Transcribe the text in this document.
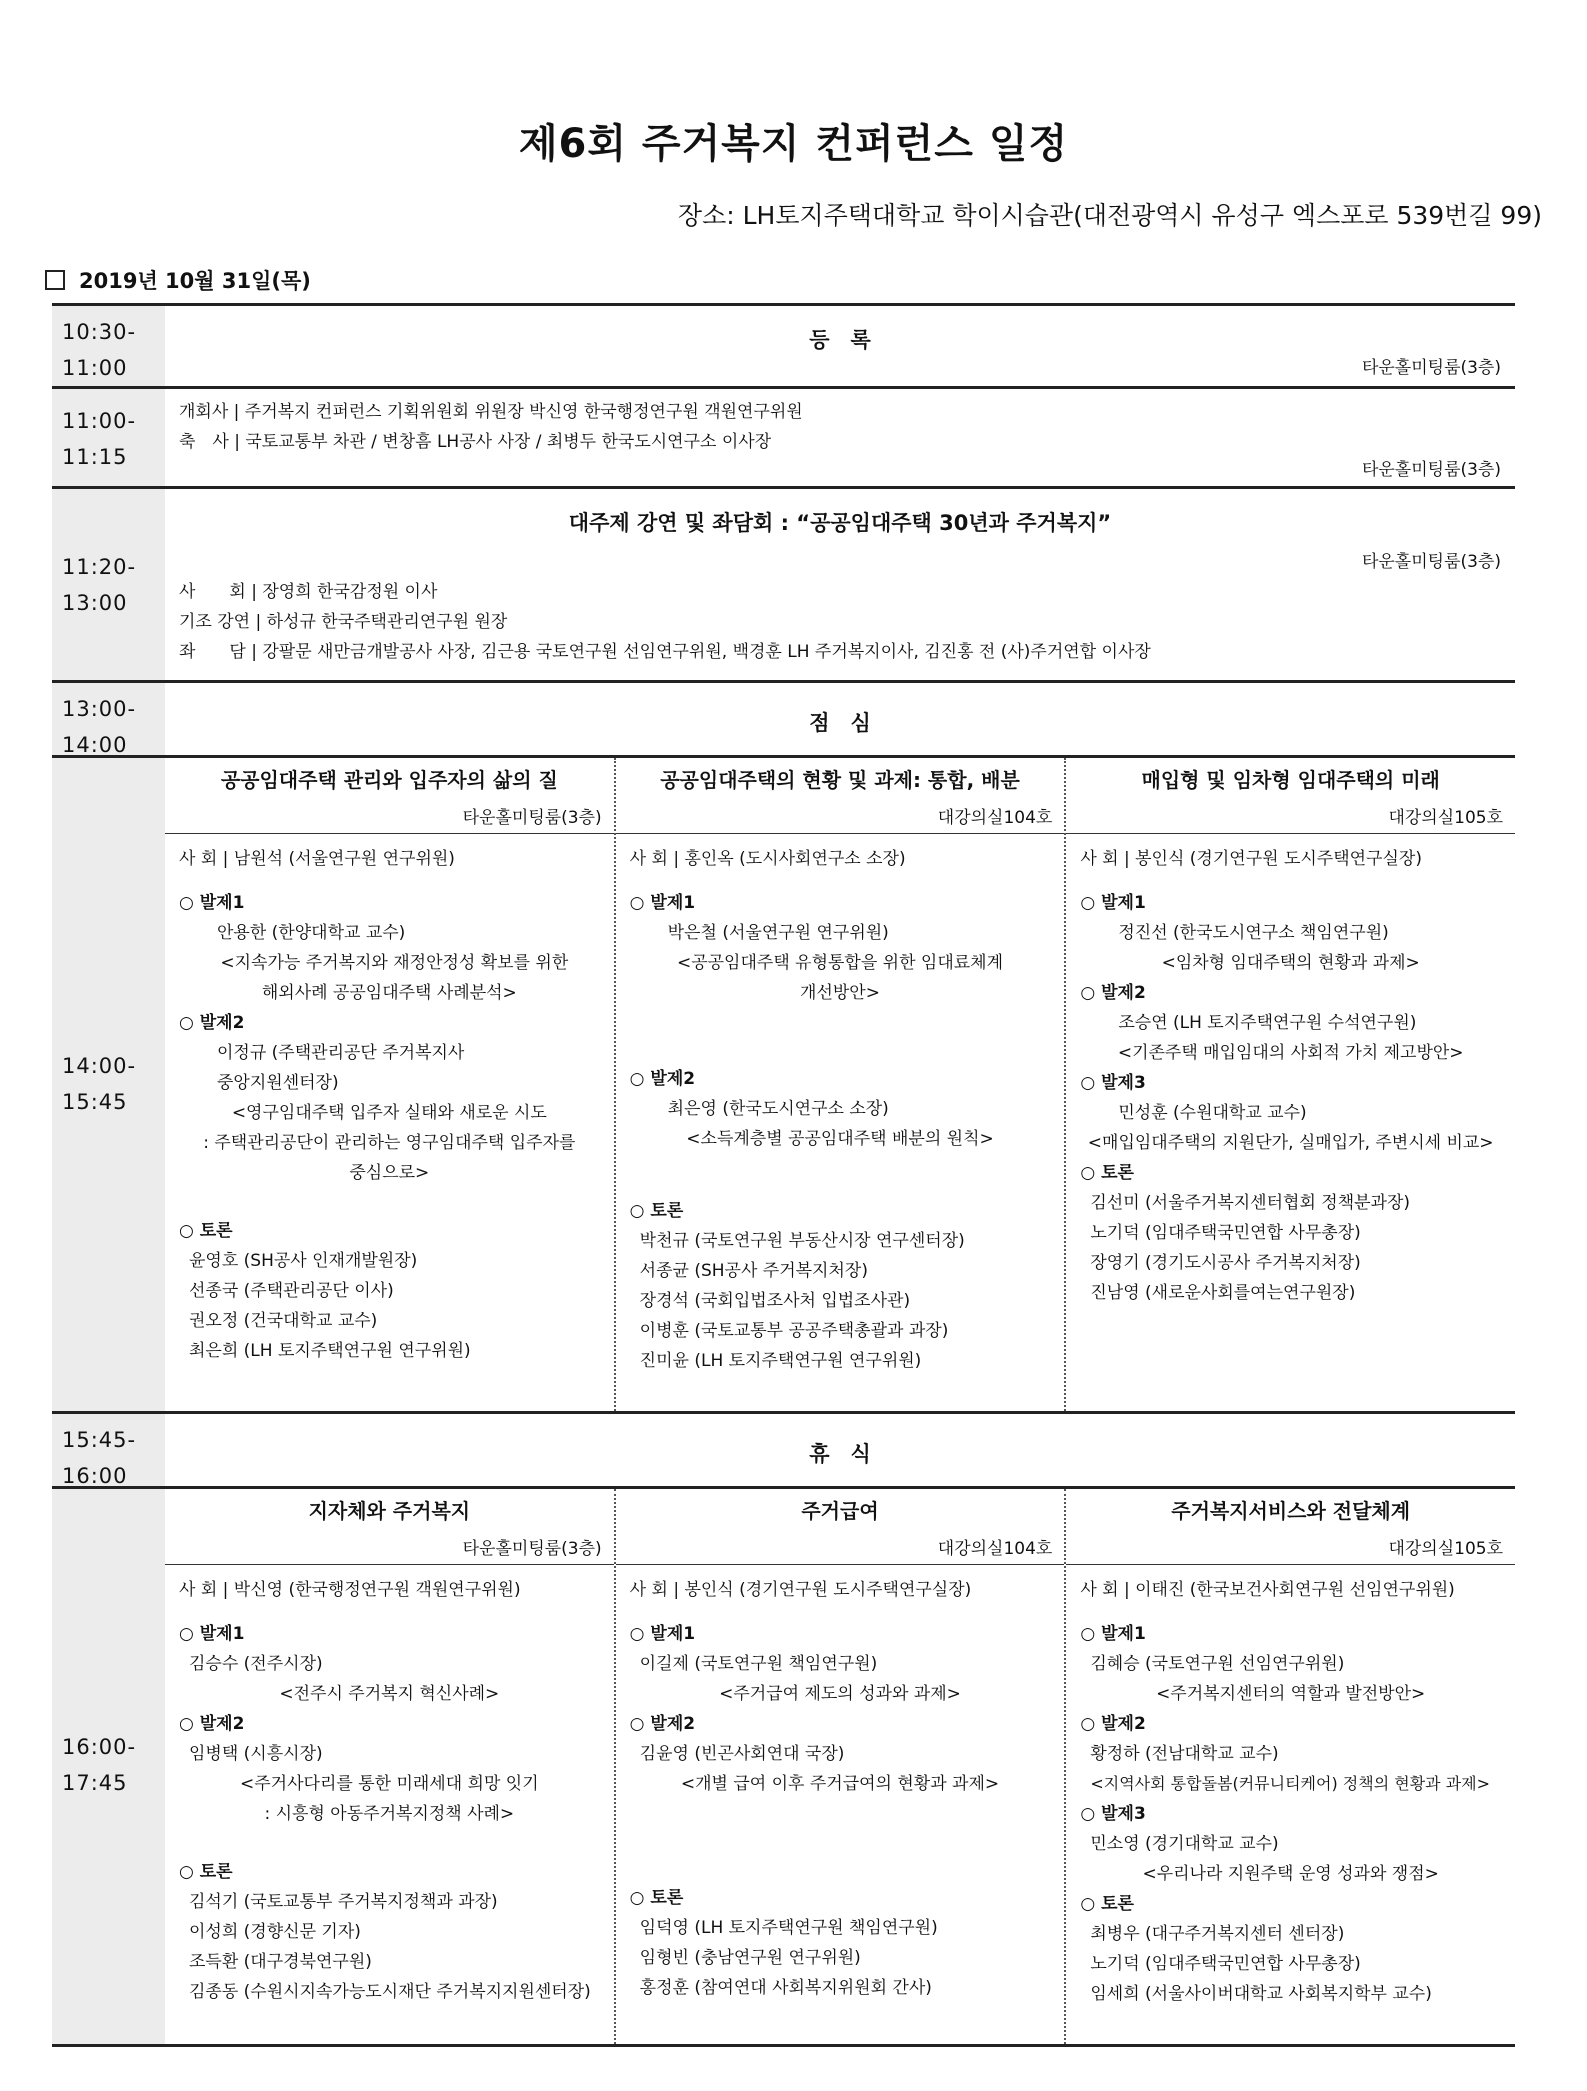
제6회 주거복지 컨퍼런스 일정
장소: LH토지주택대학교 학이시습관(대전광역시 유성구 엑스포로 539번길 99)
2019년 10월 31일(목)
10:30-
11:00
등　록
타운홀미팅룸(3층)
11:00-
11:15
개회사 | 주거복지 컨퍼런스 기획위원회 위원장 박신영 한국행정연구원 객원연구위원
축　사 | 국토교통부 차관 / 변창흠 LH공사 사장 / 최병두 한국도시연구소 이사장
타운홀미팅룸(3층)
11:20-
13:00
대주제 강연 및 좌담회 : “공공임대주택 30년과 주거복지”
타운홀미팅룸(3층)
사　　회 | 장영희 한국감정원 이사
기조 강연 | 하성규 한국주택관리연구원 원장
좌　　담 | 강팔문 새만금개발공사 사장, 김근용 국토연구원 선임연구위원, 백경훈 LH 주거복지이사, 김진홍 전 (사)주거연합 이사장
13:00-
14:00
점　심
14:00-
15:45
공공임대주택 관리와 입주자의 삶의 질
타운홀미팅룸(3층)
사 회 | 남원석 (서울연구원 연구위원)
○ 발제1
안용한 (한양대학교 교수)
<지속가능 주거복지와 재정안정성 확보를 위한
해외사례 공공임대주택 사례분석>
○ 발제2
이정규 (주택관리공단 주거복지사
중앙지원센터장)
<영구임대주택 입주자 실태와 새로운 시도
: 주택관리공단이 관리하는 영구임대주택 입주자를
중심으로>
○ 토론
윤영호 (SH공사 인재개발원장)
선종국 (주택관리공단 이사)
권오정 (건국대학교 교수)
최은희 (LH 토지주택연구원 연구위원)
공공임대주택의 현황 및 과제: 통합, 배분
대강의실104호
사 회 | 홍인옥 (도시사회연구소 소장)
○ 발제1
박은철 (서울연구원 연구위원)
<공공임대주택 유형통합을 위한 임대료체계
개선방안>
○ 발제2
최은영 (한국도시연구소 소장)
<소득계층별 공공임대주택 배분의 원칙>
○ 토론
박천규 (국토연구원 부동산시장 연구센터장)
서종균 (SH공사 주거복지처장)
장경석 (국회입법조사처 입법조사관)
이병훈 (국토교통부 공공주택총괄과 과장)
진미윤 (LH 토지주택연구원 연구위원)
매입형 및 임차형 임대주택의 미래
대강의실105호
사 회 | 봉인식 (경기연구원 도시주택연구실장)
○ 발제1
정진선 (한국도시연구소 책임연구원)
<임차형 임대주택의 현황과 과제>
○ 발제2
조승연 (LH 토지주택연구원 수석연구원)
<기존주택 매입임대의 사회적 가치 제고방안>
○ 발제3
민성훈 (수원대학교 교수)
<매입임대주택의 지원단가, 실매입가, 주변시세 비교>
○ 토론
김선미 (서울주거복지센터협회 정책분과장)
노기덕 (임대주택국민연합 사무총장)
장영기 (경기도시공사 주거복지처장)
진남영 (새로운사회를여는연구원장)
15:45-
16:00
휴　식
16:00-
17:45
지자체와 주거복지
타운홀미팅룸(3층)
사 회 | 박신영 (한국행정연구원 객원연구위원)
○ 발제1
김승수 (전주시장)
<전주시 주거복지 혁신사례>
○ 발제2
임병택 (시흥시장)
<주거사다리를 통한 미래세대 희망 잇기
: 시흥형 아동주거복지정책 사례>
○ 토론
김석기 (국토교통부 주거복지정책과 과장)
이성희 (경향신문 기자)
조득환 (대구경북연구원)
김종동 (수원시지속가능도시재단 주거복지지원센터장)
주거급여
대강의실104호
사 회 | 봉인식 (경기연구원 도시주택연구실장)
○ 발제1
이길제 (국토연구원 책임연구원)
<주거급여 제도의 성과와 과제>
○ 발제2
김윤영 (빈곤사회연대 국장)
<개별 급여 이후 주거급여의 현황과 과제>
○ 토론
임덕영 (LH 토지주택연구원 책임연구원)
임형빈 (충남연구원 연구위원)
홍정훈 (참여연대 사회복지위원회 간사)
주거복지서비스와 전달체계
대강의실105호
사 회 | 이태진 (한국보건사회연구원 선임연구위원)
○ 발제1
김혜승 (국토연구원 선임연구위원)
<주거복지센터의 역할과 발전방안>
○ 발제2
황정하 (전남대학교 교수)
<지역사회 통합돌봄(커뮤니티케어) 정책의 현황과 과제>
○ 발제3
민소영 (경기대학교 교수)
<우리나라 지원주택 운영 성과와 쟁점>
○ 토론
최병우 (대구주거복지센터 센터장)
노기덕 (임대주택국민연합 사무총장)
임세희 (서울사이버대학교 사회복지학부 교수)
